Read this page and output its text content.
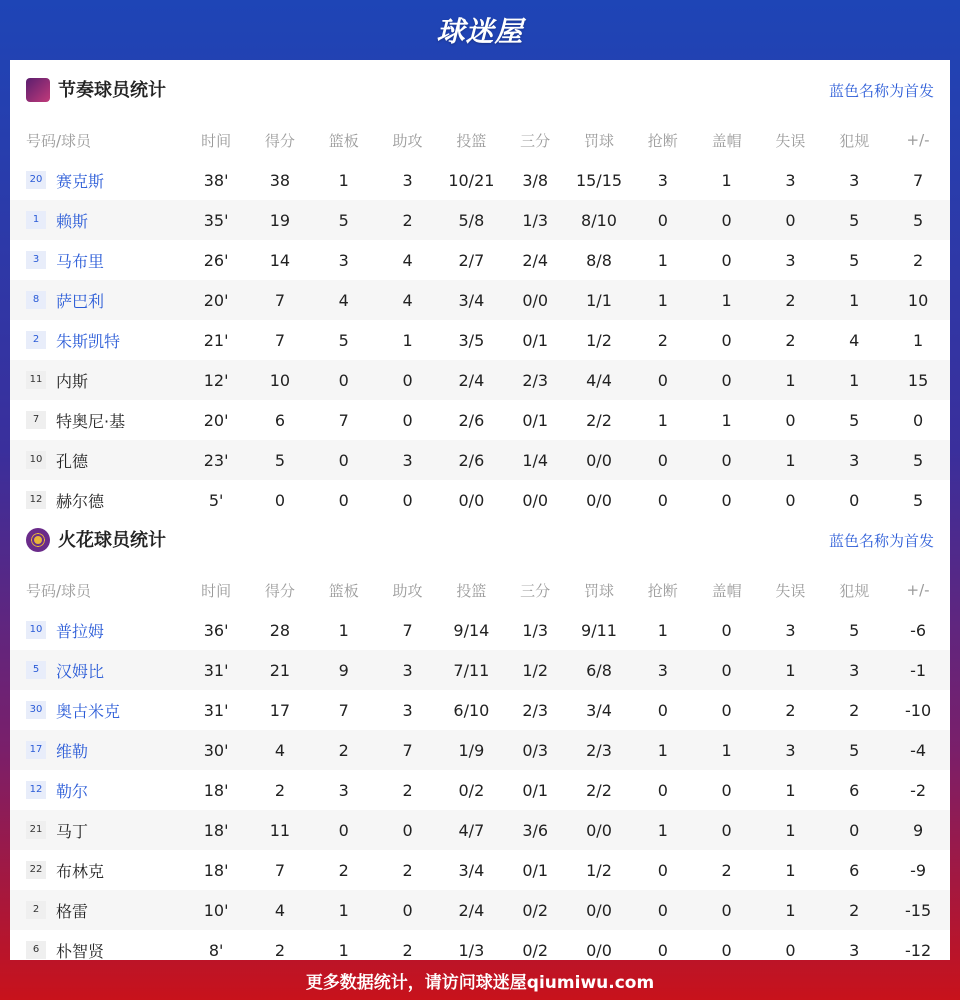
球迷屋
节奏球员统计	蓝色名称为首发
号码/球员	时间	得分	篮板	助攻	投篮	三分	罚球	抢断	盖帽	失误	犯规	+/-
20 赛克斯	38'	38	1	3	10/21	3/8	15/15	3	1	3	3	7
1 赖斯	35'	19	5	2	5/8	1/3	8/10	0	0	0	5	5
3 马布里	26'	14	3	4	2/7	2/4	8/8	1	0	3	5	2
8 萨巴利	20'	7	4	4	3/4	0/0	1/1	1	1	2	1	10
2 朱斯凯特	21'	7	5	1	3/5	0/1	1/2	2	0	2	4	1
11 内斯	12'	10	0	0	2/4	2/3	4/4	0	0	1	1	15
7 特奥尼·基	20'	6	7	0	2/6	0/1	2/2	1	1	0	5	0
10 孔德	23'	5	0	3	2/6	1/4	0/0	0	0	1	3	5
12 赫尔德	5'	0	0	0	0/0	0/0	0/0	0	0	0	0	5
火花球员统计	蓝色名称为首发
号码/球员	时间	得分	篮板	助攻	投篮	三分	罚球	抢断	盖帽	失误	犯规	+/-
10 普拉姆	36'	28	1	7	9/14	1/3	9/11	1	0	3	5	-6
5 汉姆比	31'	21	9	3	7/11	1/2	6/8	3	0	1	3	-1
30 奥古米克	31'	17	7	3	6/10	2/3	3/4	0	0	2	2	-10
17 维勒	30'	4	2	7	1/9	0/3	2/3	1	1	3	5	-4
12 勒尔	18'	2	3	2	0/2	0/1	2/2	0	0	1	6	-2
21 马丁	18'	11	0	0	4/7	3/6	0/0	1	0	1	0	9
22 布林克	18'	7	2	2	3/4	0/1	1/2	0	2	1	6	-9
2 格雷	10'	4	1	0	2/4	0/2	0/0	0	0	1	2	-15
6 朴智贤	8'	2	1	2	1/3	0/2	0/0	0	0	0	3	-12
更多数据统计，请访问球迷屋qiumiwu.com
